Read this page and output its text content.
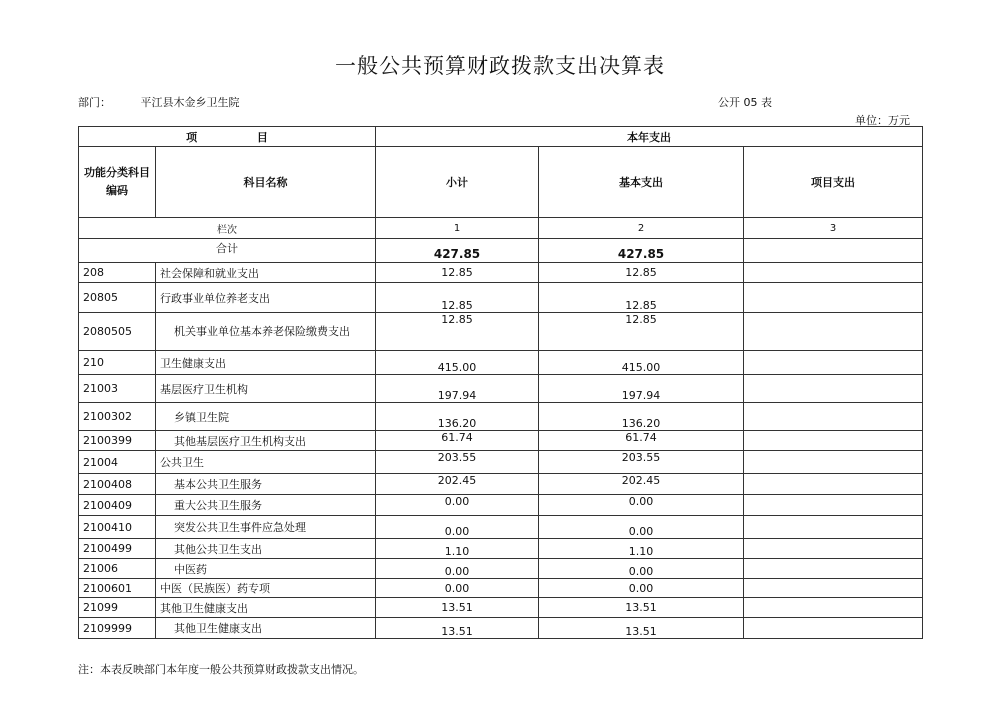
一般公共预算财政拨款支出决算表
部门：	平江县木金乡卫生院	公开 05 表
单位：万元
项 目		本年支出		
功能分类科目编码	科目名称	小计	基本支出	项目支出
栏次		1	2	3
合计		427.85	427.85	
208	社会保障和就业支出	12.85	12.85	
20805	行政事业单位养老支出	12.85	12.85	
2080505	机关事业单位基本养老保险缴费支出	12.85	12.85	
210	卫生健康支出	415.00	415.00	
21003	基层医疗卫生机构	197.94	197.94	
2100302	乡镇卫生院	136.20	136.20	
2100399	其他基层医疗卫生机构支出	61.74	61.74	
21004	公共卫生	203.55	203.55	
2100408	基本公共卫生服务	202.45	202.45	
2100409	重大公共卫生服务	0.00	0.00	
2100410	突发公共卫生事件应急处理	0.00	0.00	
2100499	其他公共卫生支出	1.10	1.10	
21006	中医药	0.00	0.00	
2100601	中医（民族医）药专项	0.00	0.00	
21099	其他卫生健康支出	13.51	13.51	
2109999	其他卫生健康支出	13.51	13.51	
注：本表反映部门本年度一般公共预算财政拨款支出情况。
